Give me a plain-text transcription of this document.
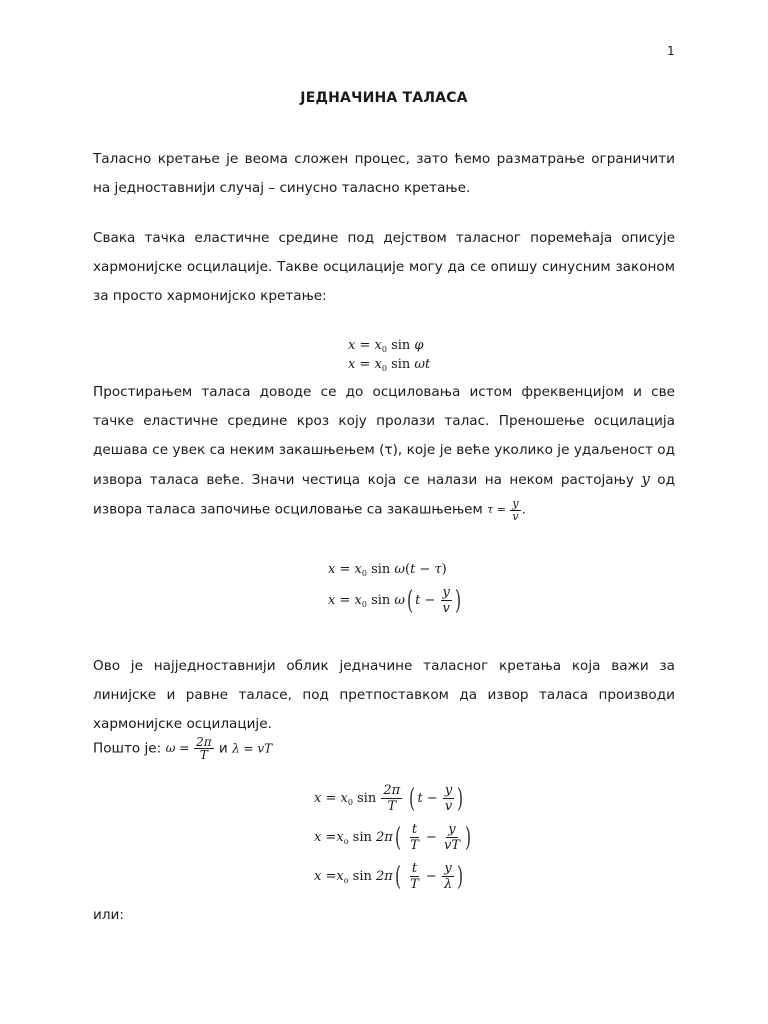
1
ЈЕДНАЧИНА ТАЛАСА

Таласно кретање је веома сложен процес, зато ћемо разматрање ограничити на једноставнији случај – синусно таласно кретање.

Свака тачка еластичне средине под дејством таласног поремећаја описује хармонијске осцилације. Такве осцилације могу да се опишу синусним законом за просто хармонијско кретање:

$x = x_0$ sin φ
$x = x_0$ sin ωt

Простирањем таласа доводе се до осциловања истом фреквенцијом и све тачке еластичне средине кроз коју пролази талас. Преношење осцилација дешава се увек са неким закашњењем (τ), које је веће уколико је удаљеност од извора таласа веће. Значи честица која се налази на неком растојању y од извора таласа започиње осциловање са закашњењем $\tau = \frac{y}{v}$ .

$x = x_0$ sin ω(t − τ)
$x = x_0$ sin ω( $t - \frac{y}{v}$ )

Ово је најједноставнији облик једначине таласног кретања која важи за линијске и равне таласе, под претпоставком да извор таласа производи хармонијске осцилације.

Пошто је: $\omega = \frac{2\pi}{T}$ и λ = vT
$x = x_0$ $\sin \frac{2\pi}{T}$ ( $t - \frac{y}{v}$ )
$x =x_o$ $\sin 2\pi( \frac{t}{T} - \frac{y}{vT}$ )
$x =x_o$ $\sin 2\pi( \frac{t}{T} - \frac{y}{\lambda}$ )

или:
